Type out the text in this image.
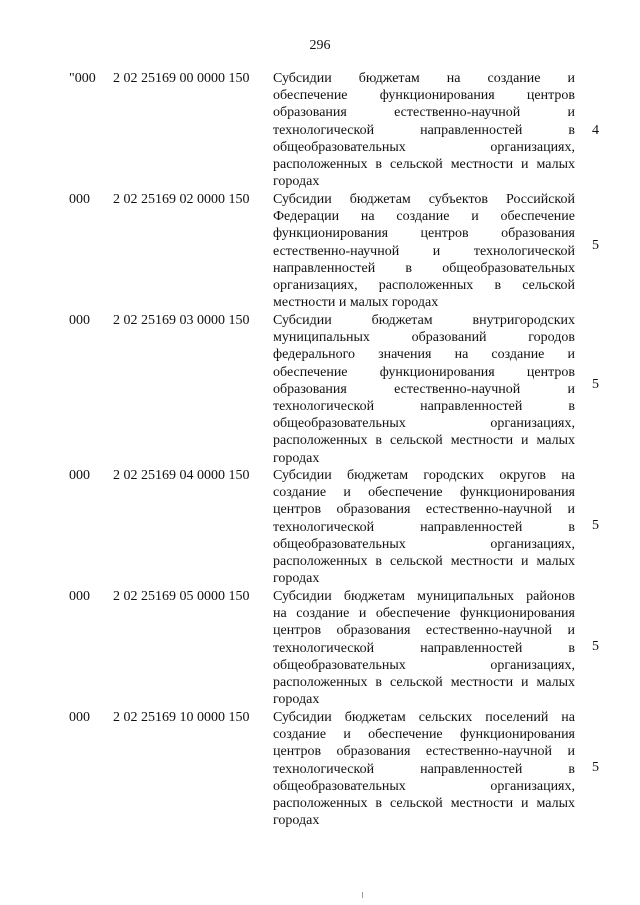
296
"000 2 02 25169 00 0000 150 Субсидии бюджетам на создание и
обеспечение функционирования центров
образования естественно-научной и
технологической направленностей в
общеобразовательных организациях,
расположенных в сельской местности и малых
городах
4
000 2 02 25169 02 0000 150 Субсидии бюджетам субъектов Российской
Федерации на создание и обеспечение
функционирования центров образования
естественно-научной и технологической
направленностей в общеобразовательных
организациях, расположенных в сельской
местности и малых городах
5
000 2 02 25169 03 0000 150 Субсидии бюджетам внутригородских
муниципальных образований городов
федерального значения на создание и
обеспечение функционирования центров
образования естественно-научной и
технологической направленностей в
общеобразовательных организациях,
расположенных в сельской местности и малых
городах
5
000 2 02 25169 04 0000 150 Субсидии бюджетам городских округов на
создание и обеспечение функционирования
центров образования естественно-научной и
технологической направленностей в
общеобразовательных организациях,
расположенных в сельской местности и малых
городах
5
000 2 02 25169 05 0000 150 Субсидии бюджетам муниципальных районов
на создание и обеспечение функционирования
центров образования естественно-научной и
технологической направленностей в
общеобразовательных организациях,
расположенных в сельской местности и малых
городах
5
000 2 02 25169 10 0000 150 Субсидии бюджетам сельских поселений на
создание и обеспечение функционирования
центров образования естественно-научной и
технологической направленностей в
общеобразовательных организациях,
расположенных в сельской местности и малых
городах
5
